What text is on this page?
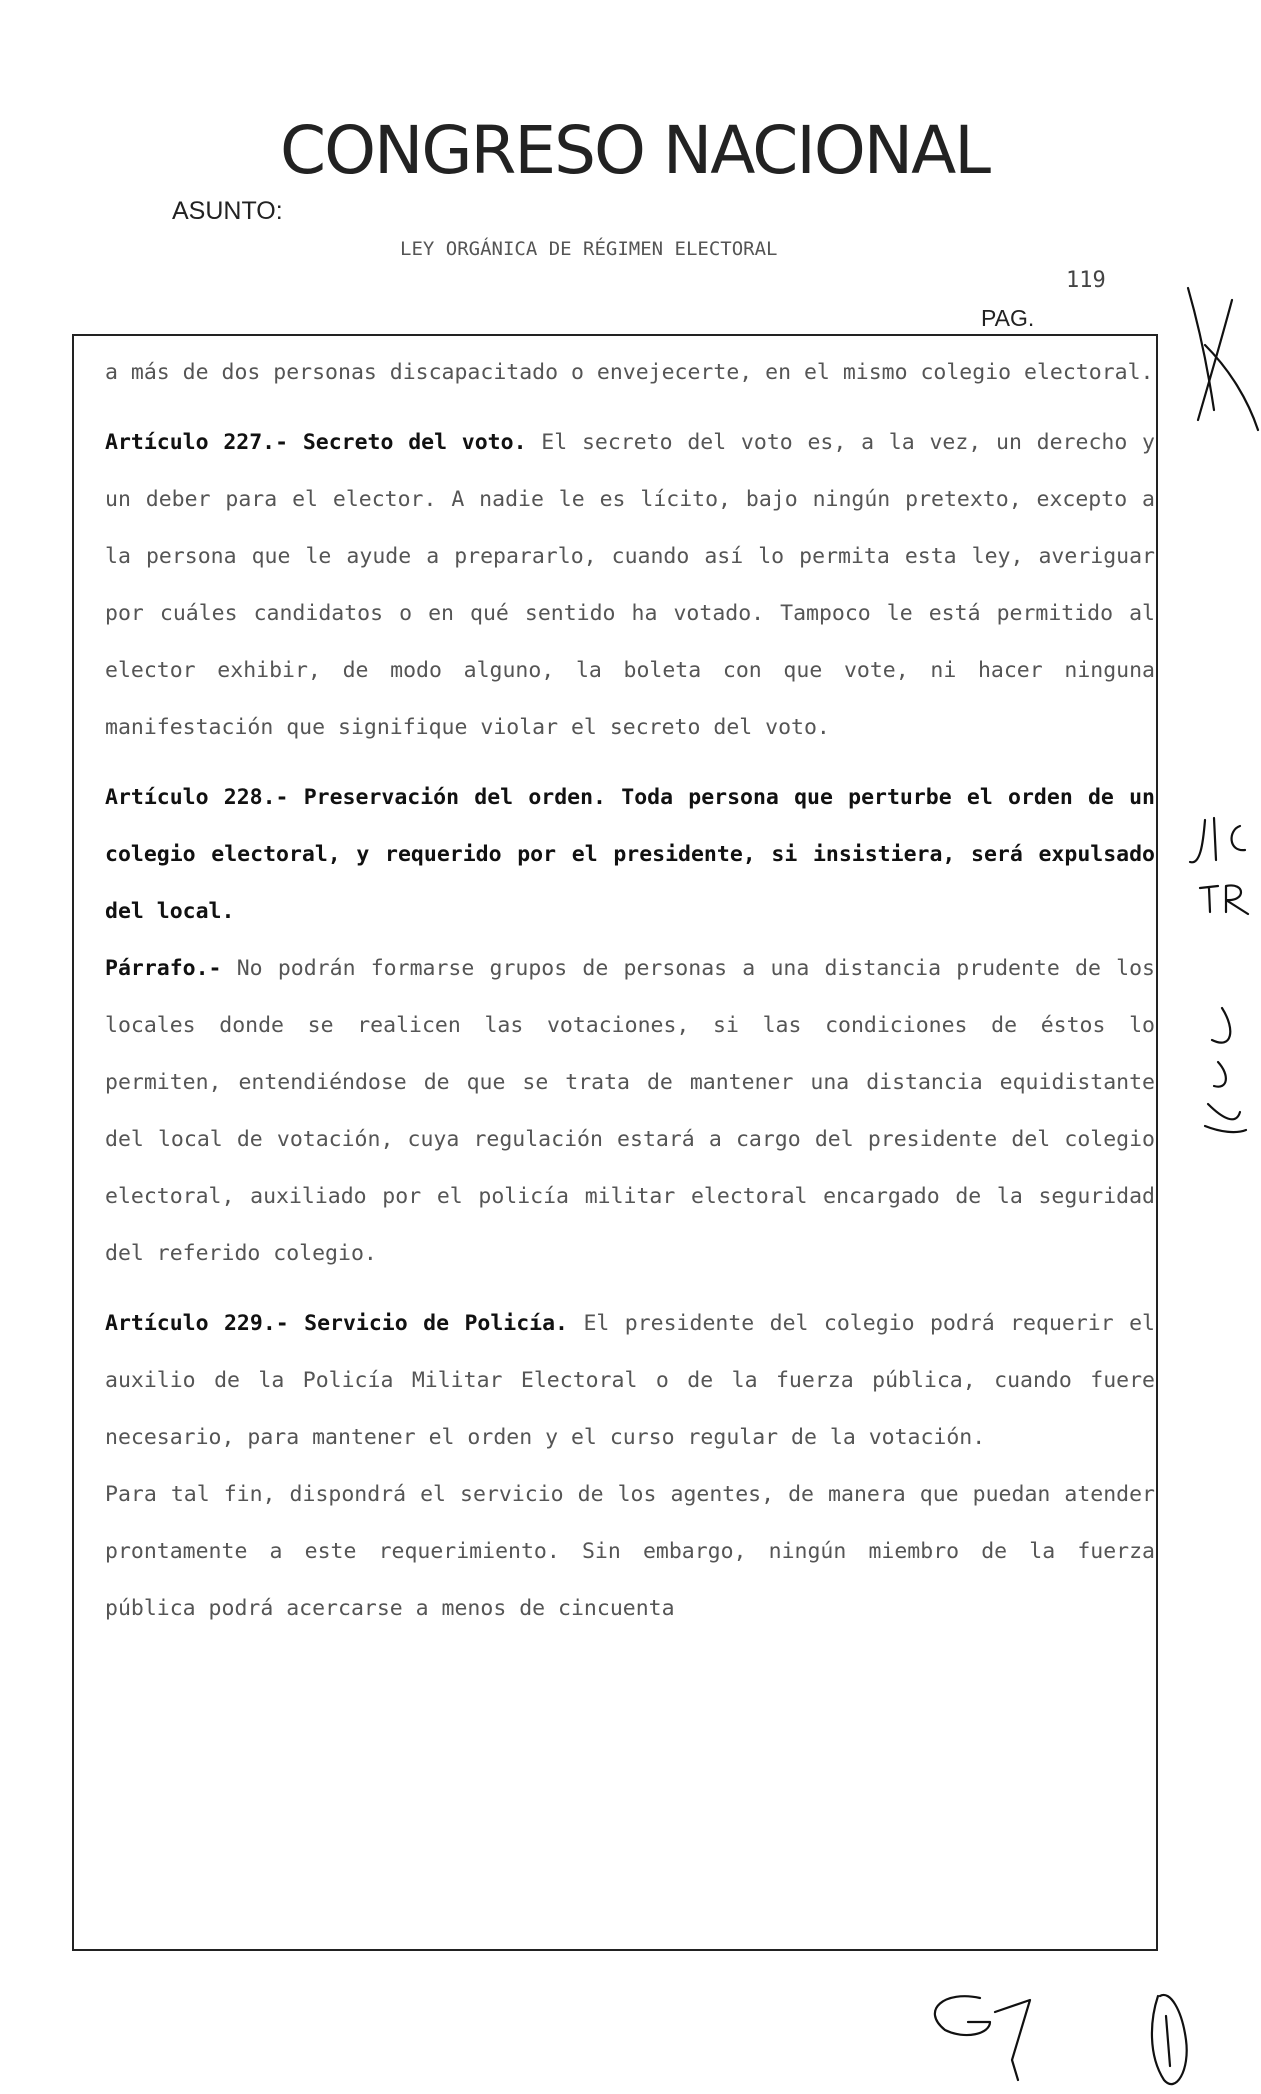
CONGRESO NACIONAL
ASUNTO:
LEY ORGÁNICA DE RÉGIMEN ELECTORAL
119
PAG.

a más de dos personas discapacitado o envejecerte, en el mismo colegio electoral.

Artículo 227.- Secreto del voto. El secreto del voto es, a la vez, un derecho y un deber para el elector. A nadie le es lícito, bajo ningún pretexto, excepto a la persona que le ayude a prepararlo, cuando así lo permita esta ley, averiguar por cuáles candidatos o en qué sentido ha votado. Tampoco le está permitido al elector exhibir, de modo alguno, la boleta con que vote, ni hacer ninguna manifestación que signifique violar el secreto del voto.

Artículo 228.- Preservación del orden. Toda persona que perturbe el orden de un colegio electoral, y requerido por el presidente, si insistiera, será expulsado del local.

Párrafo.- No podrán formarse grupos de personas a una distancia prudente de los locales donde se realicen las votaciones, si las condiciones de éstos lo permiten, entendiéndose de que se trata de mantener una distancia equidistante del local de votación, cuya regulación estará a cargo del presidente del colegio electoral, auxiliado por el policía militar electoral encargado de la seguridad del referido colegio.

Artículo 229.- Servicio de Policía. El presidente del colegio podrá requerir el auxilio de la Policía Militar Electoral o de la fuerza pública, cuando fuere necesario, para mantener el orden y el curso regular de la votación.

Para tal fin, dispondrá el servicio de los agentes, de manera que puedan atender prontamente a este requerimiento. Sin embargo, ningún miembro de la fuerza pública podrá acercarse a menos de cincuenta
